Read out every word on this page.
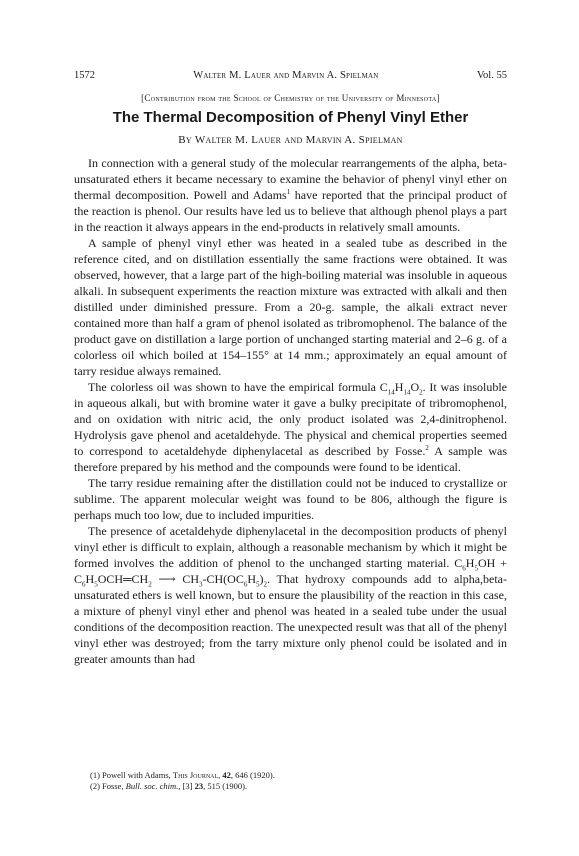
1572	Walter M. Lauer and Marvin A. Spielman	Vol. 55
[Contribution from the School of Chemistry of the University of Minnesota]
The Thermal Decomposition of Phenyl Vinyl Ether
By Walter M. Lauer and Marvin A. Spielman

In connection with a general study of the molecular rearrangements of the alpha, beta-unsaturated ethers it became necessary to examine the behavior of phenyl vinyl ether on thermal decomposition. Powell and Adams$^1$ have reported that the principal product of the reaction is phenol. Our results have led us to believe that although phenol plays a part in the reaction it always appears in the end-products in relatively small amounts.

A sample of phenyl vinyl ether was heated in a sealed tube as described in the reference cited, and on distillation essentially the same fractions were obtained. It was observed, however, that a large part of the high-boiling material was insoluble in aqueous alkali. In subsequent experiments the reaction mixture was extracted with alkali and then distilled under diminished pressure. From a 20-g. sample, the alkali extract never contained more than half a gram of phenol isolated as tribromophenol. The balance of the product gave on distillation a large portion of unchanged starting material and 2–6 g. of a colorless oil which boiled at 154–155° at 14 mm.; approximately an equal amount of tarry residue always remained.

The colorless oil was shown to have the empirical formula $C_{14}H_{14}O_2$. It was insoluble in aqueous alkali, but with bromine water it gave a bulky precipitate of tribromophenol, and on oxidation with nitric acid, the only product isolated was 2,4-dinitrophenol. Hydrolysis gave phenol and acetaldehyde. The physical and chemical properties seemed to correspond to acetaldehyde diphenylacetal as described by Fosse.$^2$ A sample was therefore prepared by his method and the compounds were found to be identical.

The tarry residue remaining after the distillation could not be induced to crystallize or sublime. The apparent molecular weight was found to be 806, although the figure is perhaps much too low, due to included impurities.

The presence of acetaldehyde diphenylacetal in the decomposition products of phenyl vinyl ether is difficult to explain, although a reasonable mechanism by which it might be formed involves the addition of phenol to the unchanged starting material. $C_6H_5OH$ + $C_6H_5OCH═CH_2$ ⟶ $CH_3-CH(OC_6H_5)_2$. That hydroxy compounds add to alpha,beta-unsaturated ethers is well known, but to ensure the plausibility of the reaction in this case, a mixture of phenyl vinyl ether and phenol was heated in a sealed tube under the usual conditions of the decomposition reaction. The unexpected result was that all of the phenyl vinyl ether was destroyed; from the tarry mixture only phenol could be isolated and in greater amounts than had

(1) Powell with Adams, This Journal, 42, 646 (1920).
(2) Fosse, Bull. soc. chim., [3] 23, 515 (1900).
